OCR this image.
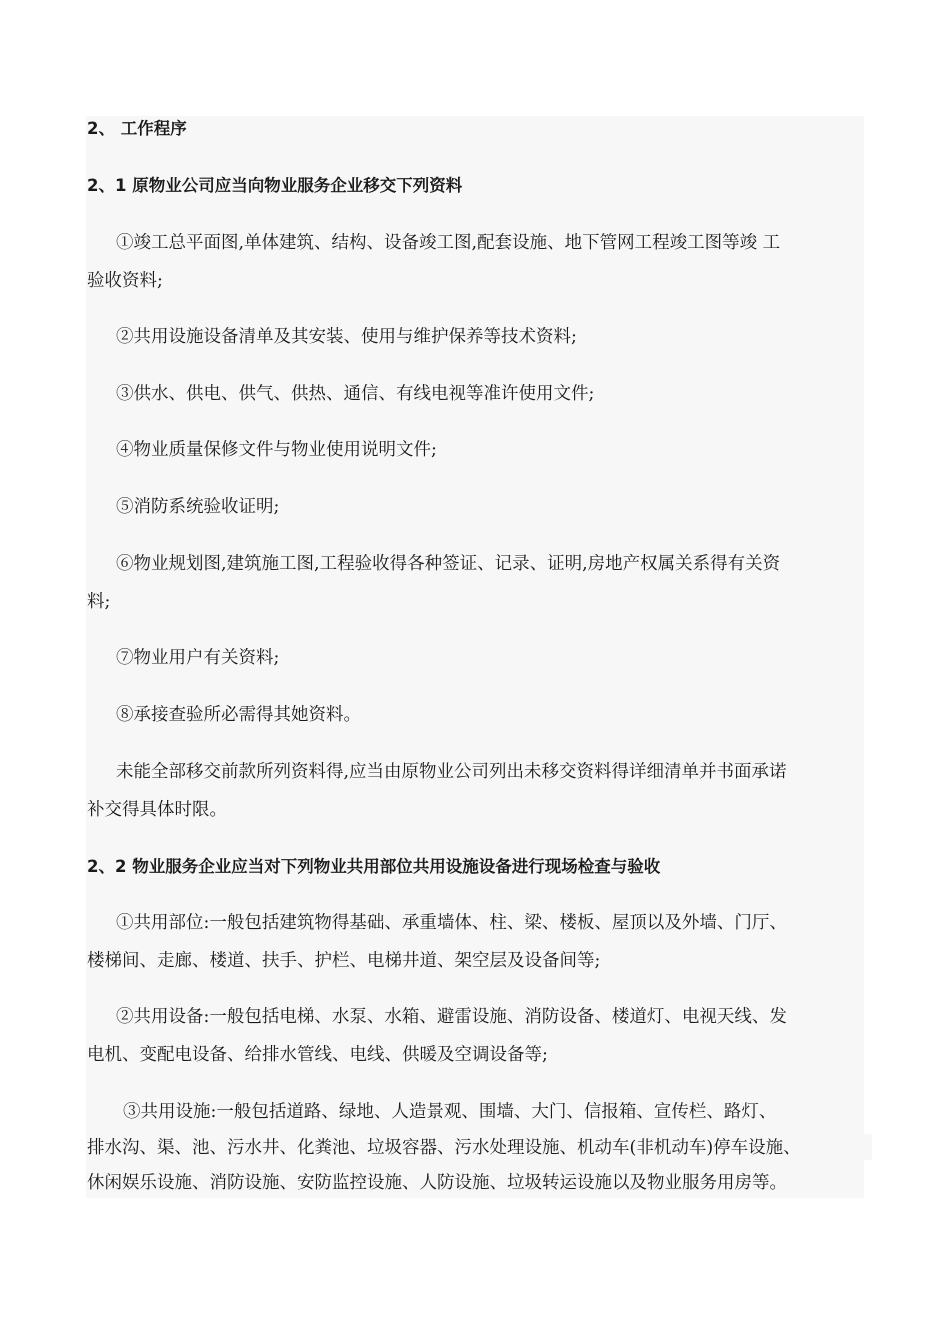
2、 工作程序
2、1 原物业公司应当向物业服务企业移交下列资料
①竣工总平面图,单体建筑、结构、设备竣工图,配套设施、地下管网工程竣工图等竣 工
验收资料;
②共用设施设备清单及其安装、使用与维护保养等技术资料;
③供水、供电、供气、供热、通信、有线电视等准许使用文件;
④物业质量保修文件与物业使用说明文件;
⑤消防系统验收证明;
⑥物业规划图,建筑施工图,工程验收得各种签证、记录、证明,房地产权属关系得有关资
料;
⑦物业用户有关资料;
⑧承接查验所必需得其她资料。
未能全部移交前款所列资料得,应当由原物业公司列出未移交资料得详细清单并书面承诺
补交得具体时限。
2、2 物业服务企业应当对下列物业共用部位共用设施设备进行现场检查与验收
①共用部位:一般包括建筑物得基础、承重墙体、柱、梁、楼板、屋顶以及外墙、门厅、
楼梯间、走廊、楼道、扶手、护栏、电梯井道、架空层及设备间等;
②共用设备:一般包括电梯、水泵、水箱、避雷设施、消防设备、楼道灯、电视天线、发
电机、变配电设备、给排水管线、电线、供暖及空调设备等;
③共用设施:一般包括道路、绿地、人造景观、围墙、大门、信报箱、宣传栏、路灯、
排水沟、渠、池、污水井、化粪池、垃圾容器、污水处理设施、机动车(非机动车)停车设施、
休闲娱乐设施、消防设施、安防监控设施、人防设施、垃圾转运设施以及物业服务用房等。
